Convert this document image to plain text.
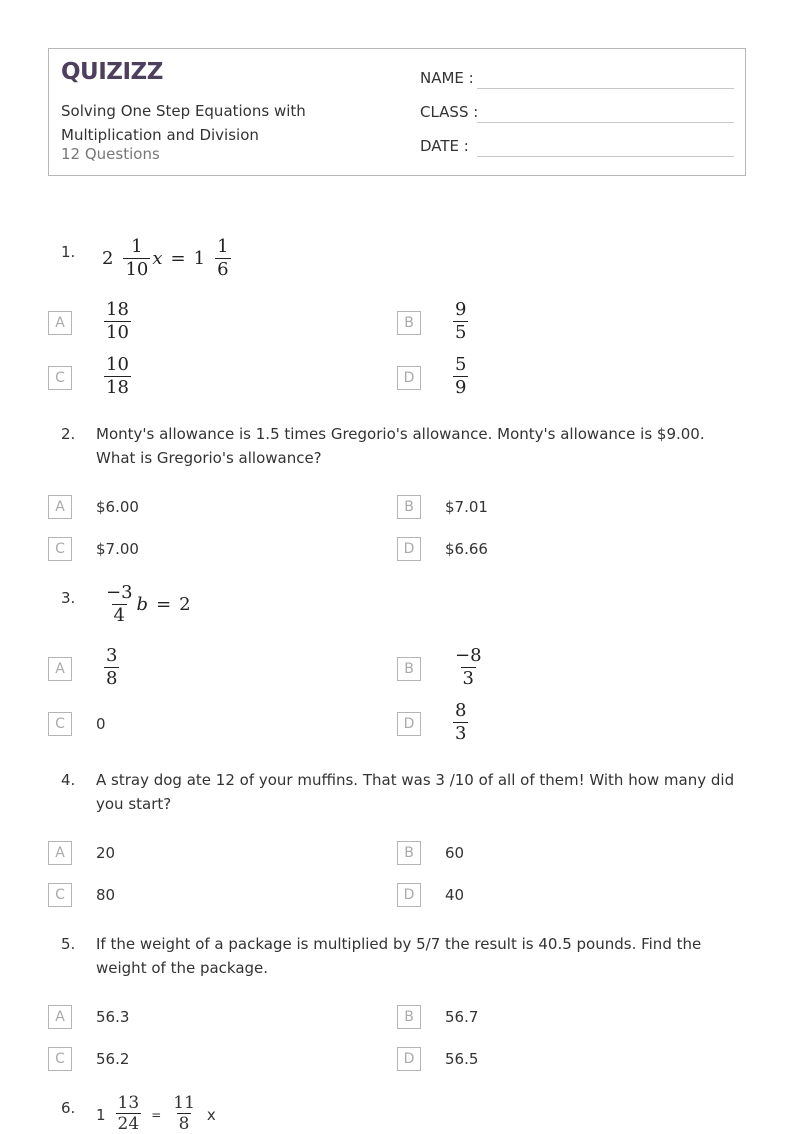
QUIZIZZ
Solving One Step Equations with Multiplication and Division
12 Questions
NAME :
CLASS :
DATE :
1. $2 \frac{1}{10}$ $x = 1 \frac{1}{6}$
A	$\frac{18}{10}$	B	$\frac{9}{5}$
C	$\frac{10}{18}$	D	$\frac{5}{9}$
2. Monty's allowance is 1.5 times Gregorio's allowance. Monty's allowance is $9.00. What is Gregorio's allowance?
A	$6.00	B	$7.01
C	$7.00	D	$6.66
3. $\frac{-3}{4}$ b = 2
A	$\frac{3}{8}$	B	$\frac{-8}{3}$
C	0	D	$\frac{8}{3}$
4. A stray dog ate 12 of your muffins. That was 3 /10 of all of them! With how many did you start?
A	20	B	60
C	80	D	40
5. If the weight of a package is multiplied by 5/7 the result is 40.5 pounds. Find the weight of the package.
A	56.3	B	56.7
C	56.2	D	56.5
6. $1 \frac{13}{24} = \frac{11}{8}$ x
